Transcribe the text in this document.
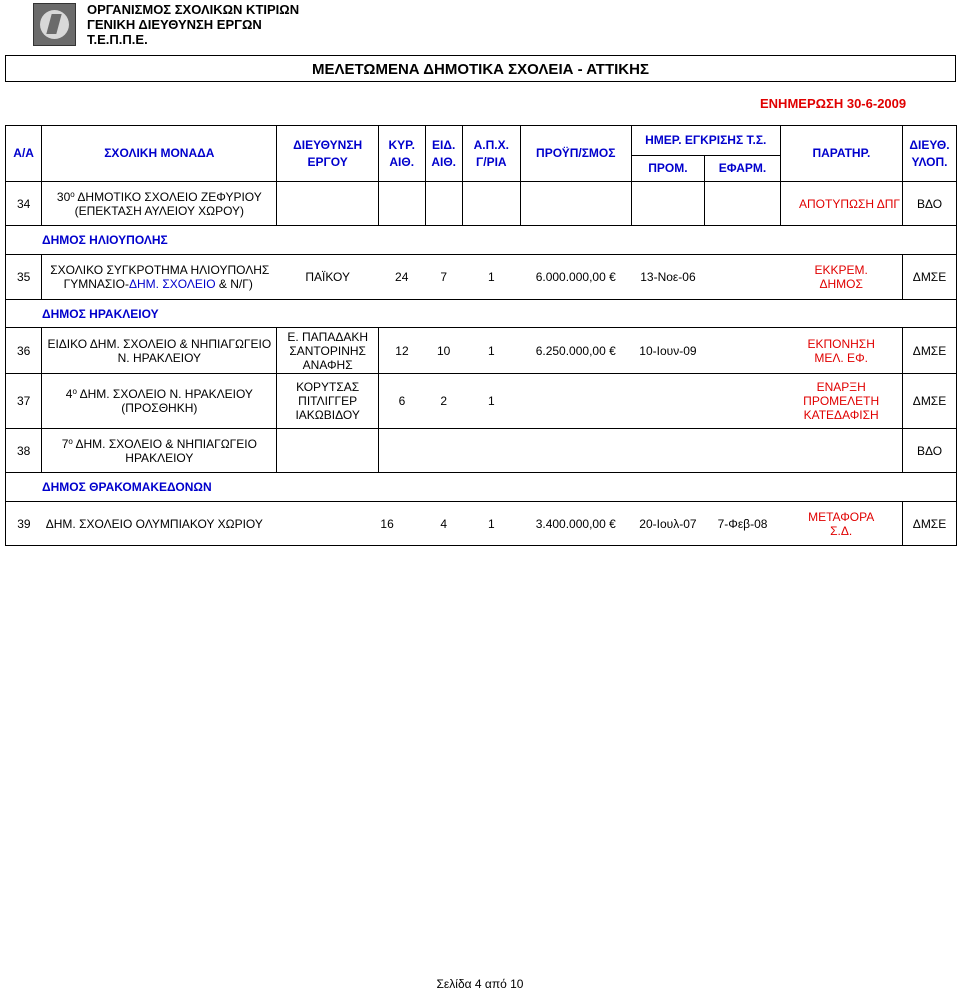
ΟΡΓΑΝΙΣΜΟΣ ΣΧΟΛΙΚΩΝ ΚΤΙΡΙΩΝ
ΓΕΝΙΚΗ ΔΙΕΥΘΥΝΣΗ ΕΡΓΩΝ
Τ.Ε.Π.Π.Ε.
ΜΕΛΕΤΩΜΕΝΑ ΔΗΜΟΤΙΚΑ ΣΧΟΛΕΙΑ - ΑΤΤΙΚΗΣ
ΕΝΗΜΕΡΩΣΗ 30-6-2009
Α/Α	ΣΧΟΛΙΚΗ ΜΟΝΑΔΑ	ΔΙΕΥΘΥΝΣΗ
ΕΡΓΟΥ	ΚΥΡ.
ΑΙΘ.	ΕΙΔ.
ΑΙΘ.	Α.Π.Χ.
Γ/ΡΙΑ	ΠΡΟΫΠ/ΣΜΟΣ	ΗΜΕΡ. ΕΓΚΡΙΣΗΣ Τ.Σ.		ΠΑΡΑΤΗΡ.	ΔΙΕΥΘ.
ΥΛΟΠ.
							ΠΡΟΜ.	ΕΦΑΡΜ.		
34	$30^o$ ΔΗΜΟΤΙΚΟ ΣΧΟΛΕΙΟ ΖΕΦΥΡΙΟΥ
(ΕΠΕΚΤΑΣΗ ΑΥΛΕΙΟΥ ΧΩΡΟΥ)								ΑΠΟΤΥΠΩΣΗ ΔΠΓ	ΒΔΟ
ΔΗΜΟΣ ΗΛΙΟΥΠΟΛΗΣ										
35	ΣΧΟΛΙΚΟ ΣΥΓΚΡΟΤΗΜΑ ΗΛΙΟΥΠΟΛΗΣ
ΓΥΜΝΑΣΙΟ-ΔΗΜ. ΣΧΟΛΕΙΟ & Ν/Γ)	ΠΑΪΚΟΥ	24	7	1	6.000.000,00 €	13-Νοε-06		ΕΚΚΡΕΜ.
ΔΗΜΟΣ	ΔΜΣΕ
ΔΗΜΟΣ ΗΡΑΚΛΕΙΟΥ										
36	ΕΙΔΙΚΟ ΔΗΜ. ΣΧΟΛΕΙΟ & ΝΗΠΙΑΓΩΓΕΙΟ
Ν. ΗΡΑΚΛΕΙΟΥ	Ε. ΠΑΠΑΔΑΚΗ
ΣΑΝΤΟΡΙΝΗΣ
ΑΝΑΦΗΣ	12	10	1	6.250.000,00 €	10-Ιουν-09		ΕΚΠΟΝΗΣΗ
ΜΕΛ. ΕΦ.	ΔΜΣΕ
37	$4^o$ ΔΗΜ. ΣΧΟΛΕΙΟ Ν. ΗΡΑΚΛΕΙΟΥ
(ΠΡΟΣΘΗΚΗ)	ΚΟΡΥΤΣΑΣ
ΠΙΤΛΙΓΓΕΡ
ΙΑΚΩΒΙΔΟΥ	6	2	1				ΕΝΑΡΞΗ
ΠΡΟΜΕΛΕΤΗ
ΚΑΤΕΔΑΦΙΣΗ	ΔΜΣΕ
38	$7^o$ ΔΗΜ. ΣΧΟΛΕΙΟ & ΝΗΠΙΑΓΩΓΕΙΟ
ΗΡΑΚΛΕΙΟΥ									ΒΔΟ
ΔΗΜΟΣ ΘΡΑΚΟΜΑΚΕΔΟΝΩΝ										
39	ΔΗΜ. ΣΧΟΛΕΙΟ ΟΛΥΜΠΙΑΚΟΥ ΧΩΡΙΟΥ		16	4	1	3.400.000,00 €	20-Ιουλ-07	7-Φεβ-08	ΜΕΤΑΦΟΡΑ
Σ.Δ.	ΔΜΣΕ
Σελίδα 4 από 10
